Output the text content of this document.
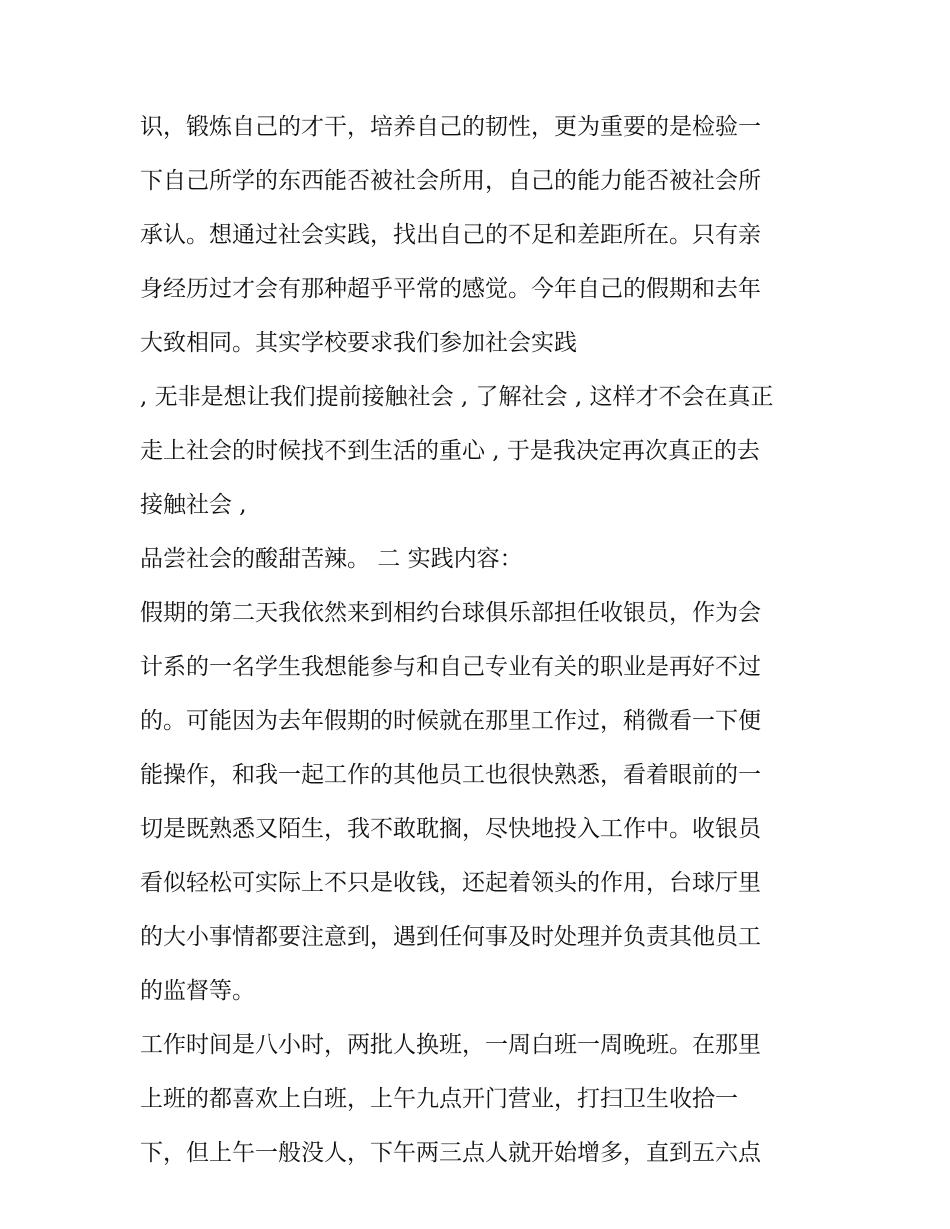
识，锻炼自己的才干，培养自己的韧性，更为重要的是检验一
下自己所学的东西能否被社会所用，自己的能力能否被社会所
承认。想通过社会实践，找出自己的不足和差距所在。只有亲
身经历过才会有那种超乎平常的感觉。今年自己的假期和去年
大致相同。其实学校要求我们参加社会实践
, 无非是想让我们提前接触社会 , 了解社会 , 这样才不会在真正
走上社会的时候找不到生活的重心 , 于是我决定再次真正的去
接触社会 ,
品尝社会的酸甜苦辣。 二 实践内容：
假期的第二天我依然来到相约台球俱乐部担任收银员，作为会
计系的一名学生我想能参与和自己专业有关的职业是再好不过
的。可能因为去年假期的时候就在那里工作过，稍微看一下便
能操作，和我一起工作的其他员工也很快熟悉，看着眼前的一
切是既熟悉又陌生，我不敢耽搁，尽快地投入工作中。收银员
看似轻松可实际上不只是收钱，还起着领头的作用，台球厅里
的大小事情都要注意到，遇到任何事及时处理并负责其他员工
的监督等。
工作时间是八小时，两批人换班，一周白班一周晚班。在那里
上班的都喜欢上白班，上午九点开门营业，打扫卫生收拾一
下，但上午一般没人，下午两三点人就开始增多，直到五六点
